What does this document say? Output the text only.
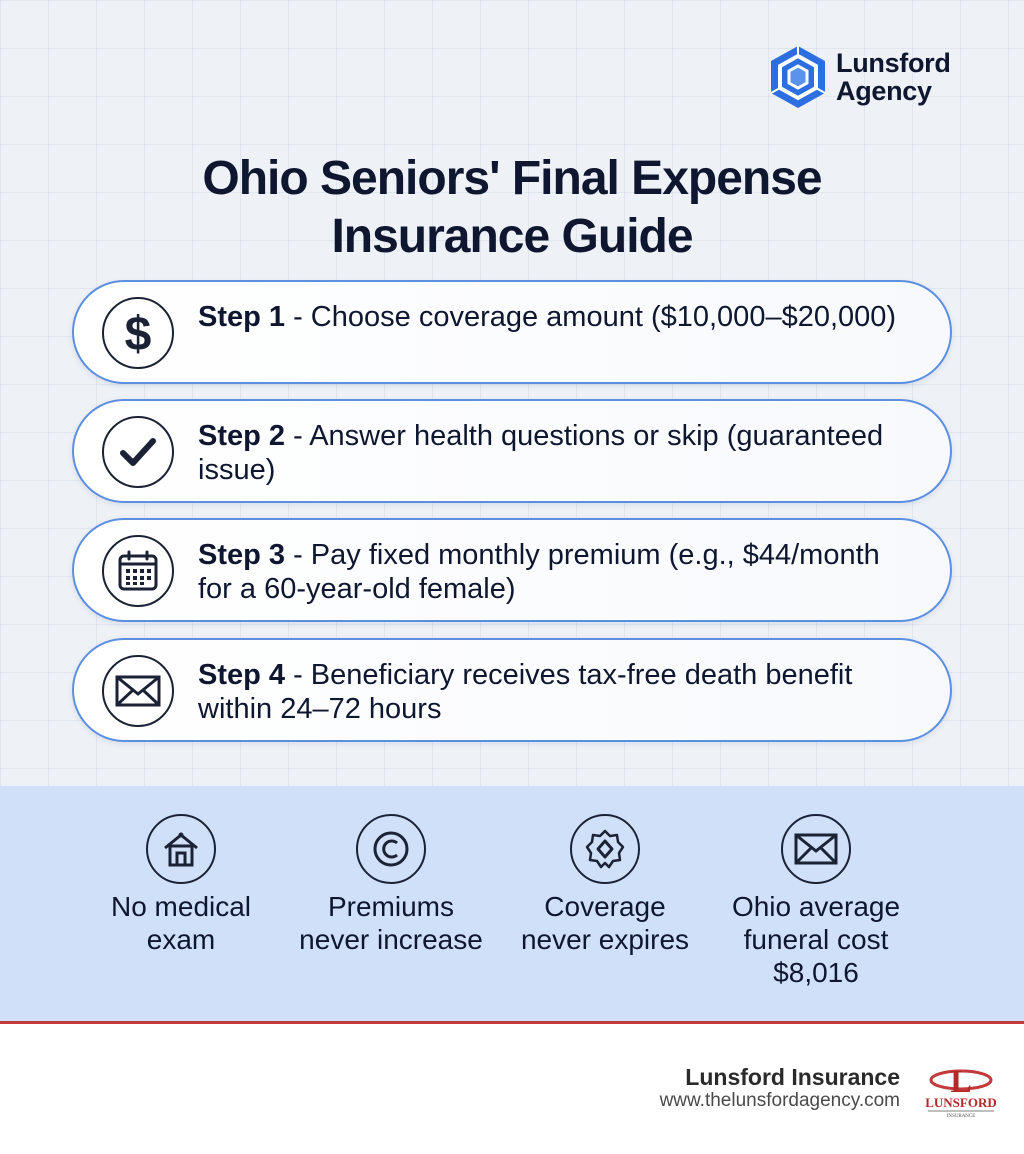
Lunsford
Agency
Ohio Seniors' Final Expense
Insurance Guide
$ Step 1 - Choose coverage amount ($10,000–$20,000)
Step 2 - Answer health questions or skip (guaranteed issue)
Step 3 - Pay fixed monthly premium (e.g., $44/month for a 60-year-old female)
Step 4 - Beneficiary receives tax-free death benefit within 24–72 hours
No medical
exam
Premiums
never increase
Coverage
never expires
Ohio average
funeral cost
$8,016
Lunsford Insurance
www.thelunsfordagency.com
L
LUNSFORD
INSURANCE
